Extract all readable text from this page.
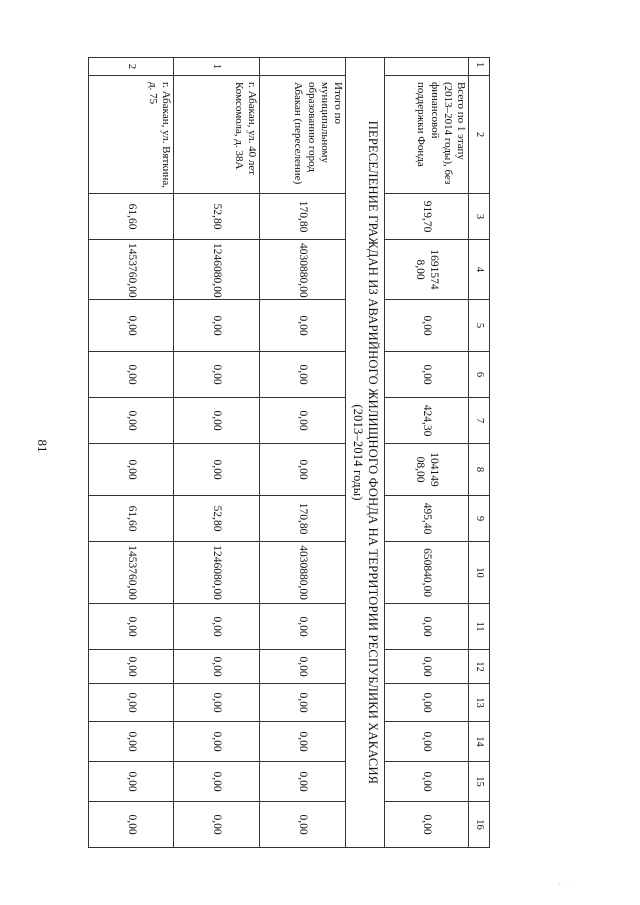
81
1	2	3	4	5	6	7	8	9	10	11	12	13	14	15	16
	Всего по 1 этапу (2013–2014 годы), без финансовой поддержки Фонда	919,70	1691574 8,00	0,00	0,00	424,30	104149 08,00	495,40	650840,00	0,00	0,00	0,00	0,00	0,00	0,00

ПЕРЕСЕЛЕНИЕ ГРАЖДАН ИЗ АВАРИЙНОГО ЖИЛИЩНОГО ФОНДА НА ТЕРРИТОРИИ РЕСПУБЛИКИ ХАКАСИЯ
(2013–2014 годы)															

	Итого по муниципальному образованию город Абакан (переселение)	170,80	4030880,00	0,00	0,00	0,00	0,00	170,80	4030880,00	0,00	0,00	0,00	0,00	0,00	0,00
1	г. Абакан, ул. 40 лет Комсомола, д. 38А	52,80	1246080,00	0,00	0,00	0,00	0,00	52,80	1246080,00	0,00	0,00	0,00	0,00	0,00	0,00
2	г. Абакан, ул. Вяткина, д. 75	61,60	1453760,00	0,00	0,00	0,00	0,00	61,60	1453760,00	0,00	0,00	0,00	0,00	0,00	0,00
· ·
